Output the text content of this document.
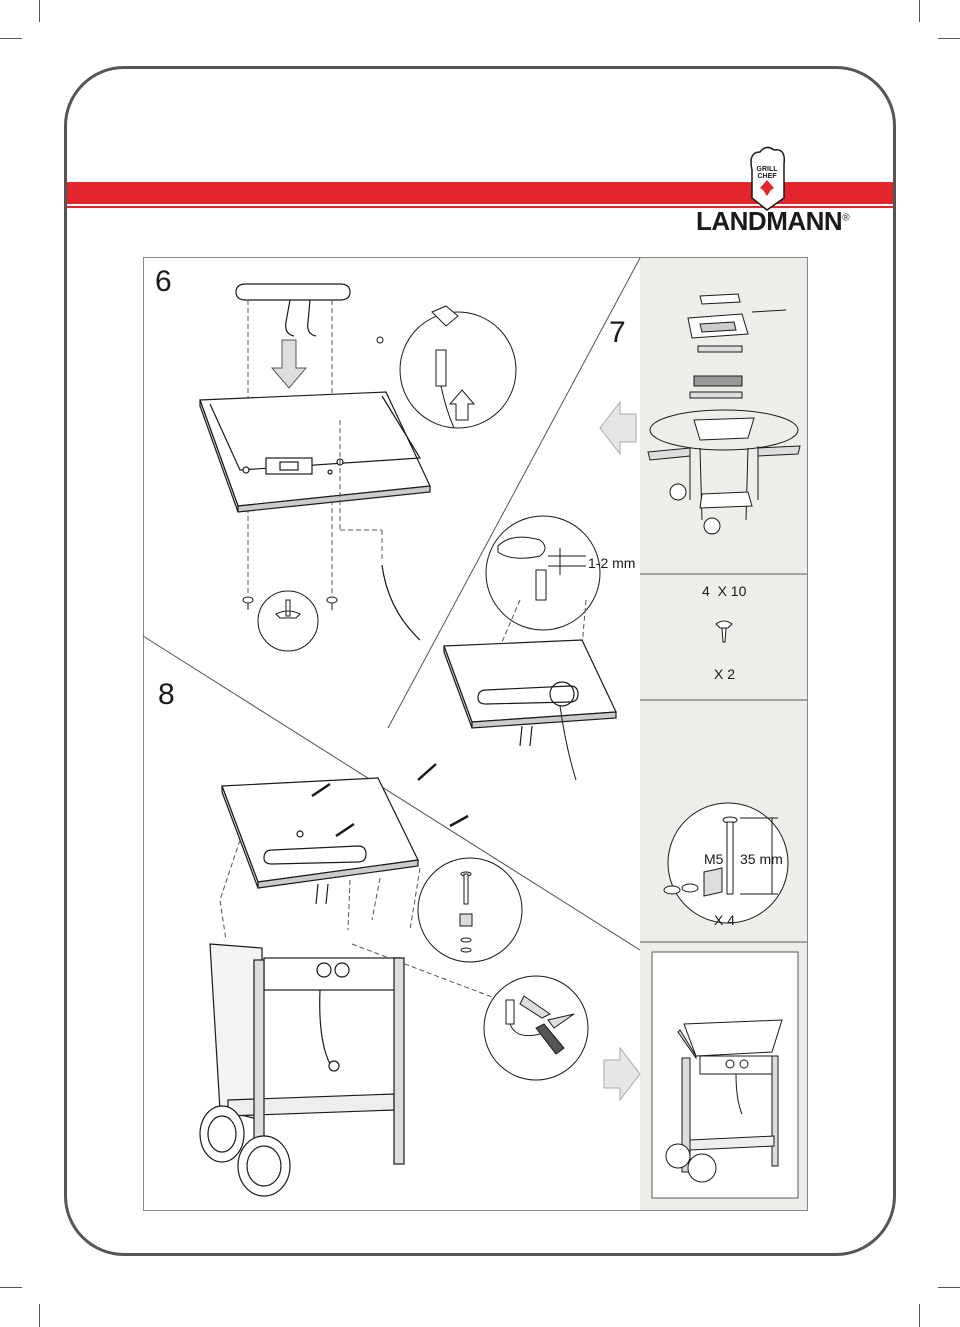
GRILL
CHEF
LANDMANN®
6
7
8
1-2 mm
4  X 10
X 2
M5 35 mm
X 4
